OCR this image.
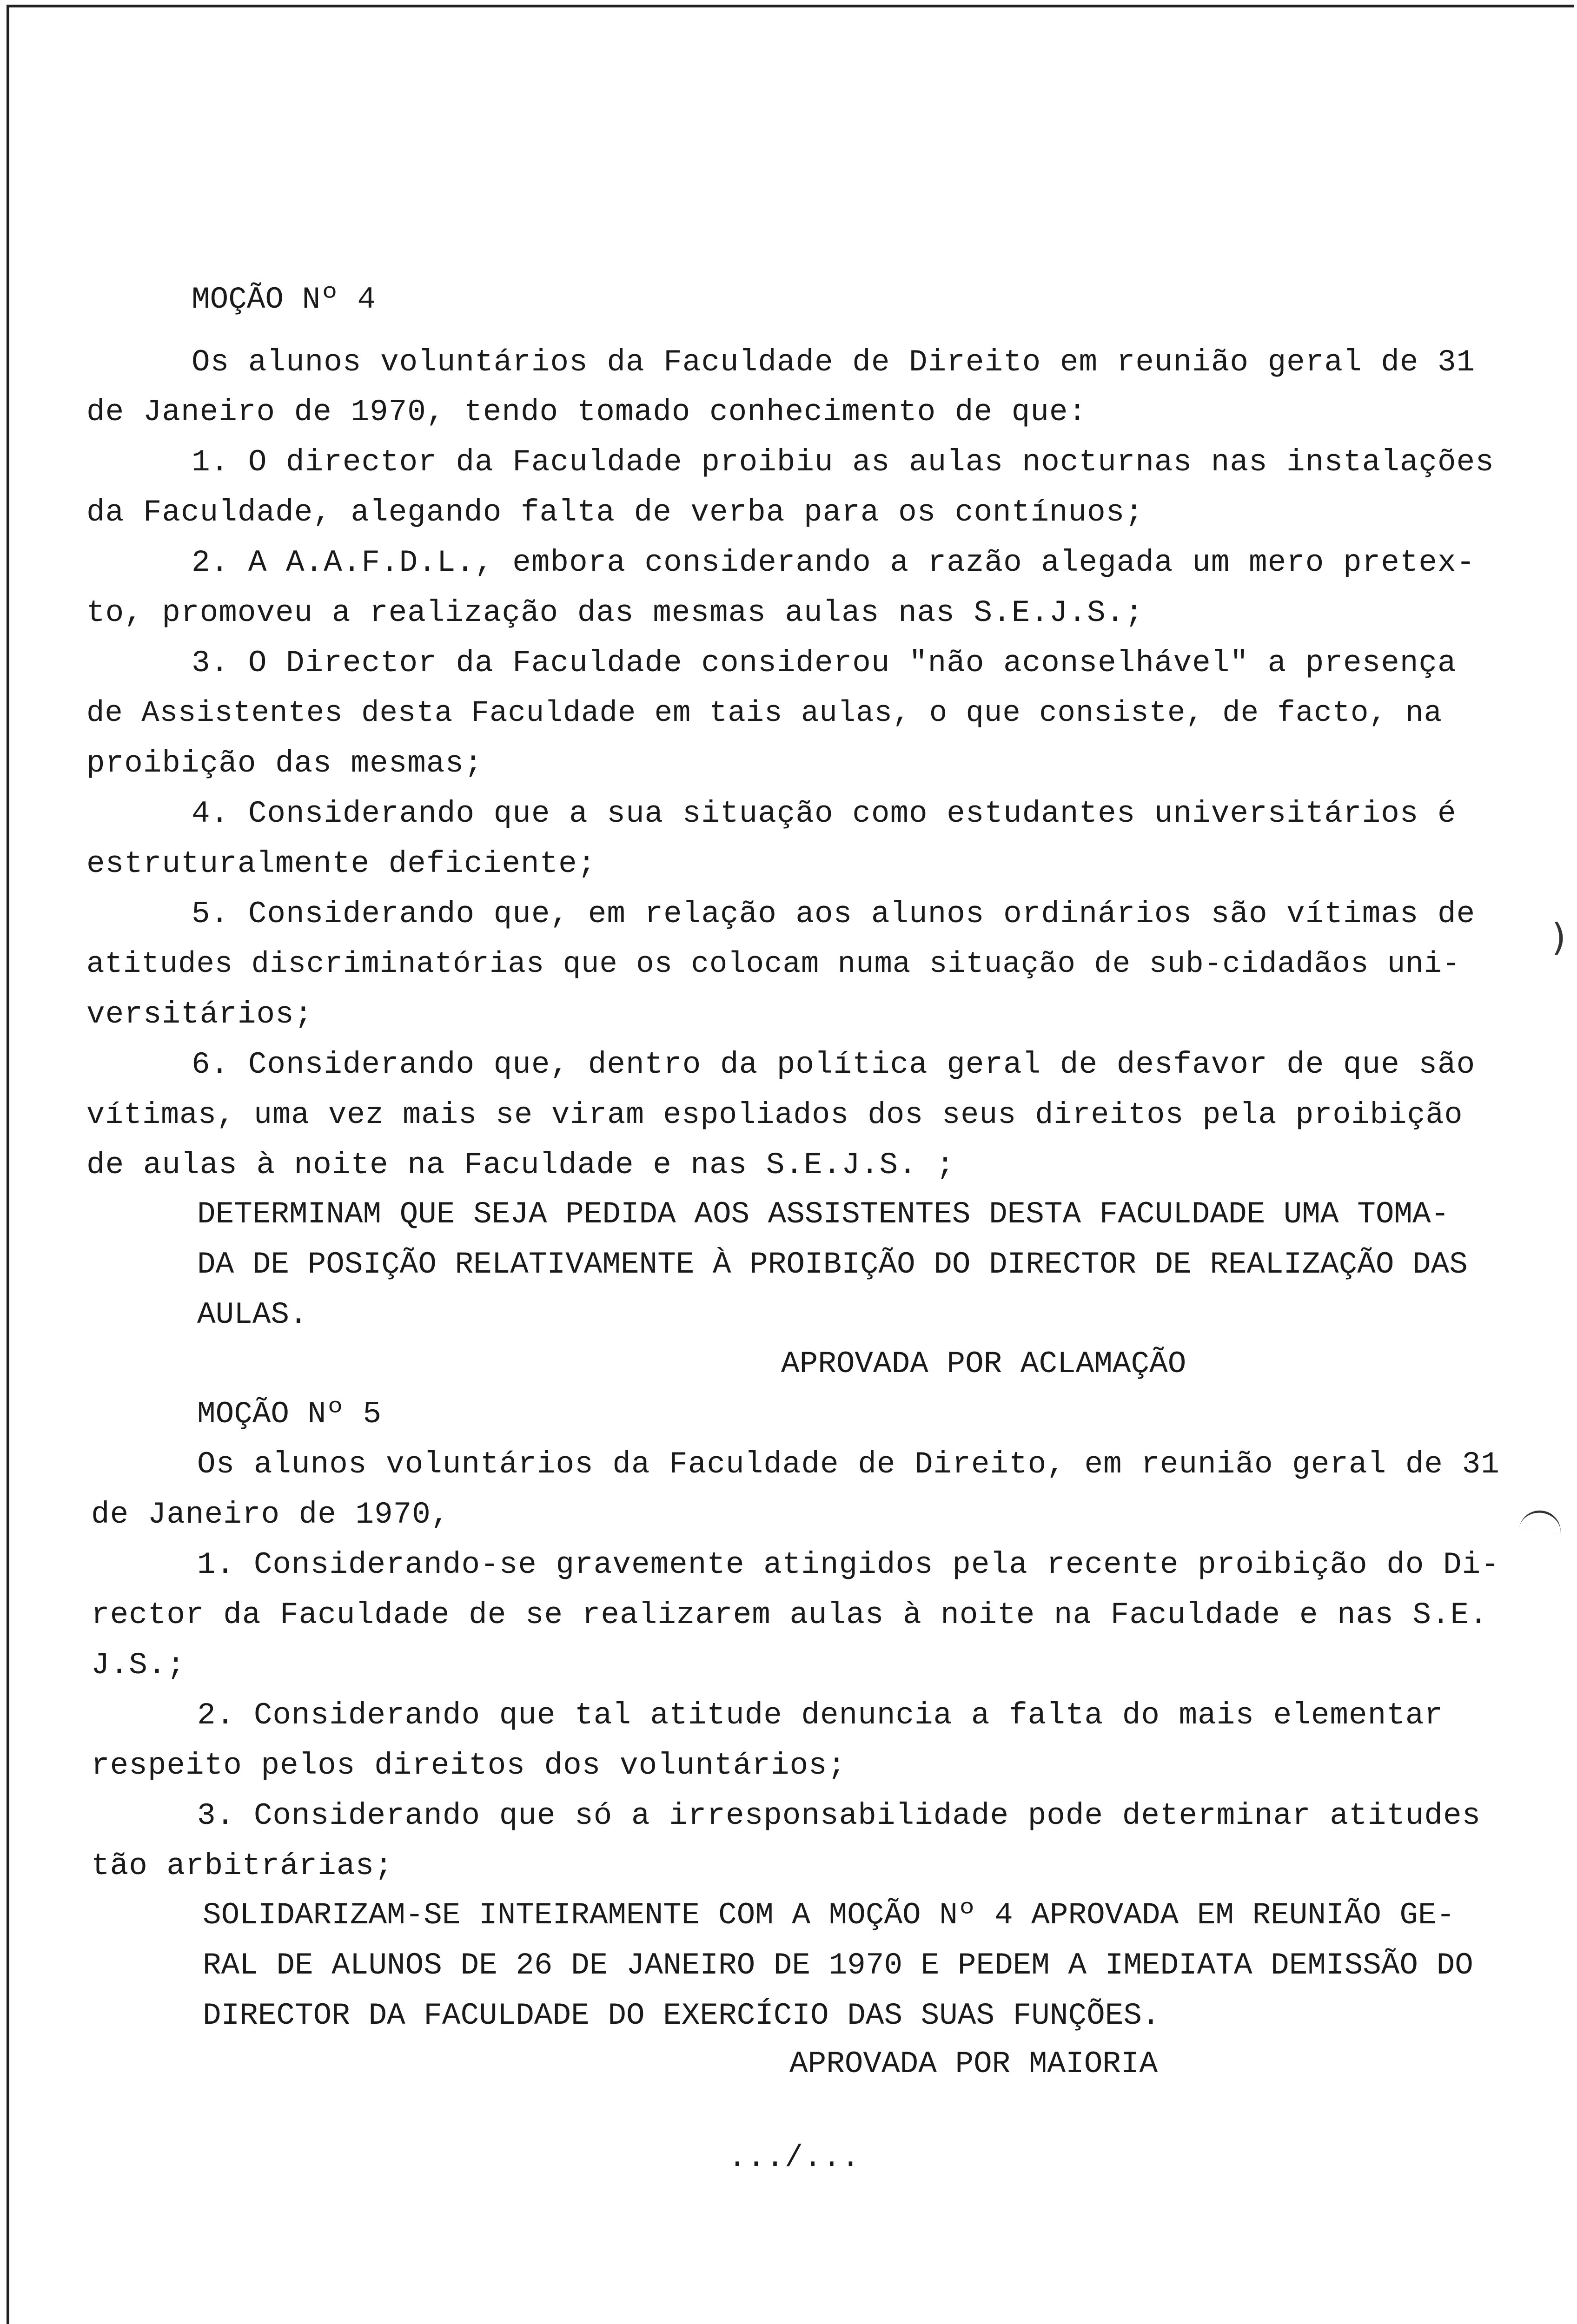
)
MOÇÃO Nº 4
Os alunos voluntários da Faculdade de Direito em reunião geral de 31
de Janeiro de 1970, tendo tomado conhecimento de que:
1. O director da Faculdade proibiu as aulas nocturnas nas instalações
da Faculdade, alegando falta de verba para os contínuos;
2. A A.A.F.D.L., embora considerando a razão alegada um mero pretex-
to, promoveu a realização das mesmas aulas nas S.E.J.S.;
3. O Director da Faculdade considerou "não aconselhável" a presença
de Assistentes desta Faculdade em tais aulas, o que consiste, de facto, na
proibição das mesmas;
4. Considerando que a sua situação como estudantes universitários é
estruturalmente deficiente;
5. Considerando que, em relação aos alunos ordinários são vítimas de
atitudes discriminatórias que os colocam numa situação de sub-cidadãos uni-
versitários;
6. Considerando que, dentro da política geral de desfavor de que são
vítimas, uma vez mais se viram espoliados dos seus direitos pela proibição
de aulas à noite na Faculdade e nas S.E.J.S. ;
DETERMINAM QUE SEJA PEDIDA AOS ASSISTENTES DESTA FACULDADE UMA TOMA-
DA DE POSIÇÃO RELATIVAMENTE À PROIBIÇÃO DO DIRECTOR DE REALIZAÇÃO DAS
AULAS.
APROVADA POR ACLAMAÇÃO
MOÇÃO Nº 5
Os alunos voluntários da Faculdade de Direito, em reunião geral de 31
de Janeiro de 1970,
1. Considerando-se gravemente atingidos pela recente proibição do Di-
rector da Faculdade de se realizarem aulas à noite na Faculdade e nas S.E.
J.S.;
2. Considerando que tal atitude denuncia a falta do mais elementar
respeito pelos direitos dos voluntários;
3. Considerando que só a irresponsabilidade pode determinar atitudes
tão arbitrárias;
SOLIDARIZAM-SE INTEIRAMENTE COM A MOÇÃO Nº 4 APROVADA EM REUNIÃO GE-
RAL DE ALUNOS DE 26 DE JANEIRO DE 1970 E PEDEM A IMEDIATA DEMISSÃO DO
DIRECTOR DA FACULDADE DO EXERCÍCIO DAS SUAS FUNÇÕES.
APROVADA POR MAIORIA
.../...
